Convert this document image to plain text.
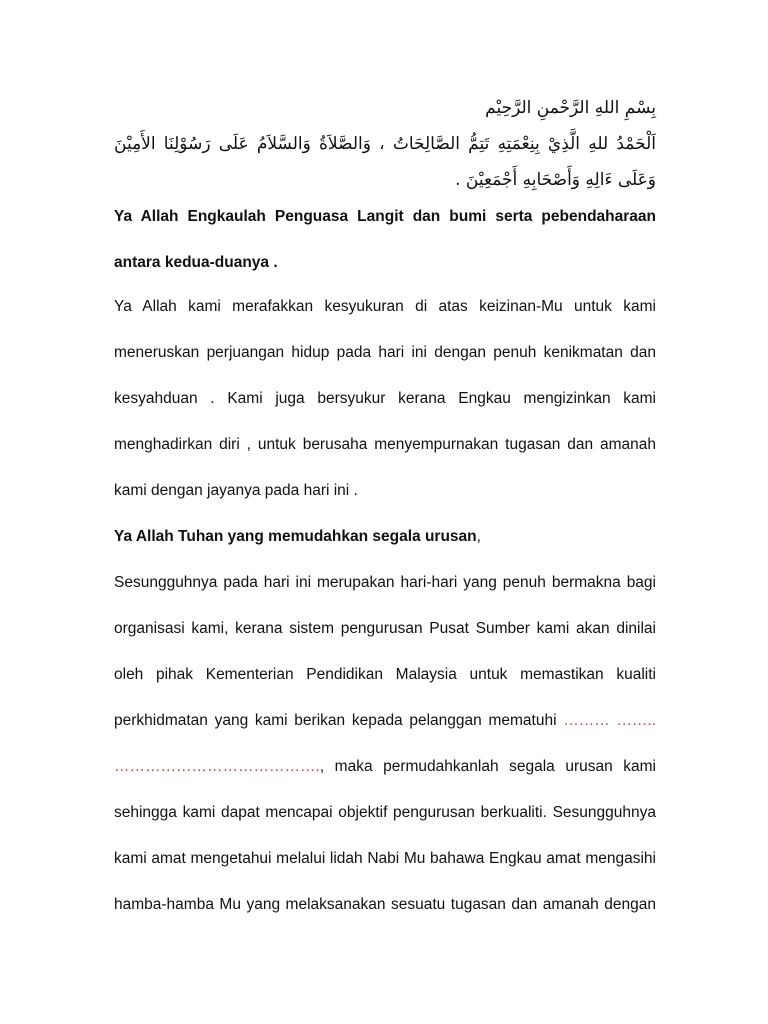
بِسْمِ اللهِ الرَّحْمنِ الرَّحِيْم
اَلْحَمْدُ للهِ الَّذِيْ بِنِعْمَتِهِ تَتِمُّ الصَّالِحَاتُ ، وَالصَّلاَةُ وَالسَّلاَمُ عَلَى رَسُوْلِنَا الأَمِيْنَ وَعَلَى ءَالِهِ وَأَصْحَابِهِ أَجْمَعِيْنَ .

Ya Allah Engkaulah Penguasa Langit dan bumi serta pebendaharaan antara kedua-duanya .

Ya Allah kami merafakkan kesyukuran di atas keizinan-Mu untuk kami meneruskan perjuangan hidup pada hari ini dengan penuh kenikmatan dan kesyahduan . Kami juga bersyukur kerana Engkau mengizinkan kami menghadirkan diri , untuk berusaha menyempurnakan tugasan dan amanah kami dengan jayanya pada hari ini .

Ya Allah Tuhan yang memudahkan segala urusan,

Sesungguhnya pada hari ini merupakan hari-hari yang penuh bermakna bagi organisasi kami, kerana sistem pengurusan Pusat Sumber kami akan dinilai oleh pihak Kementerian Pendidikan Malaysia untuk memastikan kualiti perkhidmatan yang kami berikan kepada pelanggan mematuhi ……… …….. …………………………………., maka permudahkanlah segala urusan kami sehingga kami dapat mencapai objektif pengurusan berkualiti. Sesungguhnya kami amat mengetahui melalui lidah Nabi Mu bahawa Engkau amat mengasihi hamba-hamba Mu yang melaksanakan sesuatu tugasan dan amanah dengan
